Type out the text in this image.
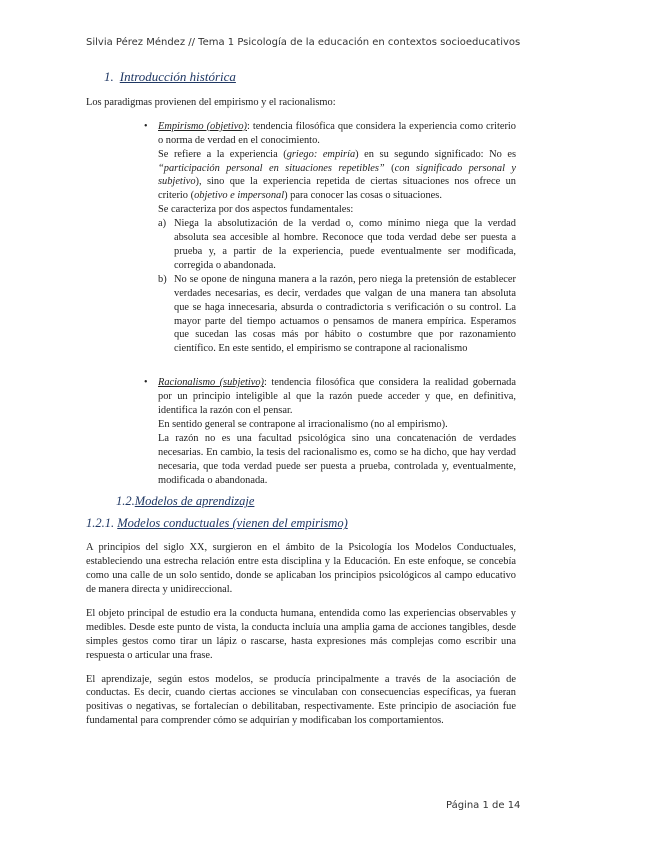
Silvia Pérez Méndez // Tema 1 Psicología de la educación en contextos socioeducativos
1. Introducción histórica

Los paradigmas provienen del empirismo y el racionalismo:

•	Empirismo (objetivo): tendencia filosófica que considera la experiencia como criterio o norma de verdad en el conocimiento.

Se refiere a la experiencia (griego: empiría) en su segundo significado: No es “participación personal en situaciones repetibles” (con significado personal y subjetivo), sino que la experiencia repetida de ciertas situaciones nos ofrece un criterio (objetivo e impersonal) para conocer las cosas o situaciones.

Se caracteriza por dos aspectos fundamentales:

a) Niega la absolutización de la verdad o, como mínimo niega que la verdad absoluta sea accesible al hombre. Reconoce que toda verdad debe ser puesta a prueba y, a partir de la experiencia, puede eventualmente ser modificada, corregida o abandonada.
b) No se opone de ninguna manera a la razón, pero niega la pretensión de establecer verdades necesarias, es decir, verdades que valgan de una manera tan absoluta que se haga innecesaria, absurda o contradictoria s verificación o su control. La mayor parte del tiempo actuamos o pensamos de manera empírica. Esperamos que sucedan las cosas más por hábito o costumbre que por razonamiento científico. En este sentido, el empirismo se contrapone al racionalismo
•	Racionalismo (subjetivo): tendencia filosófica que considera la realidad gobernada por un principio inteligible al que la razón puede acceder y que, en definitiva, identifica la razón con el pensar.

En sentido general se contrapone al irracionalismo (no al empirismo).

La razón no es una facultad psicológica sino una concatenación de verdades necesarias. En cambio, la tesis del racionalismo es, como se ha dicho, que hay verdad necesaria, que toda verdad puede ser puesta a prueba, controlada y, eventualmente, modificada o abandonada.

1.2.Modelos de aprendizaje
1.2.1. Modelos conductuales (vienen del empirismo)

A principios del siglo XX, surgieron en el ámbito de la Psicología los Modelos Conductuales, estableciendo una estrecha relación entre esta disciplina y la Educación. En este enfoque, se concebía como una calle de un solo sentido, donde se aplicaban los principios psicológicos al campo educativo de manera directa y unidireccional.

El objeto principal de estudio era la conducta humana, entendida como las experiencias observables y medibles. Desde este punto de vista, la conducta incluía una amplia gama de acciones tangibles, desde simples gestos como tirar un lápiz o rascarse, hasta expresiones más complejas como escribir una respuesta o articular una frase.

El aprendizaje, según estos modelos, se producía principalmente a través de la asociación de conductas. Es decir, cuando ciertas acciones se vinculaban con consecuencias específicas, ya fueran positivas o negativas, se fortalecían o debilitaban, respectivamente. Este principio de asociación fue fundamental para comprender cómo se adquirían y modificaban los comportamientos.

Página 1 de 14
